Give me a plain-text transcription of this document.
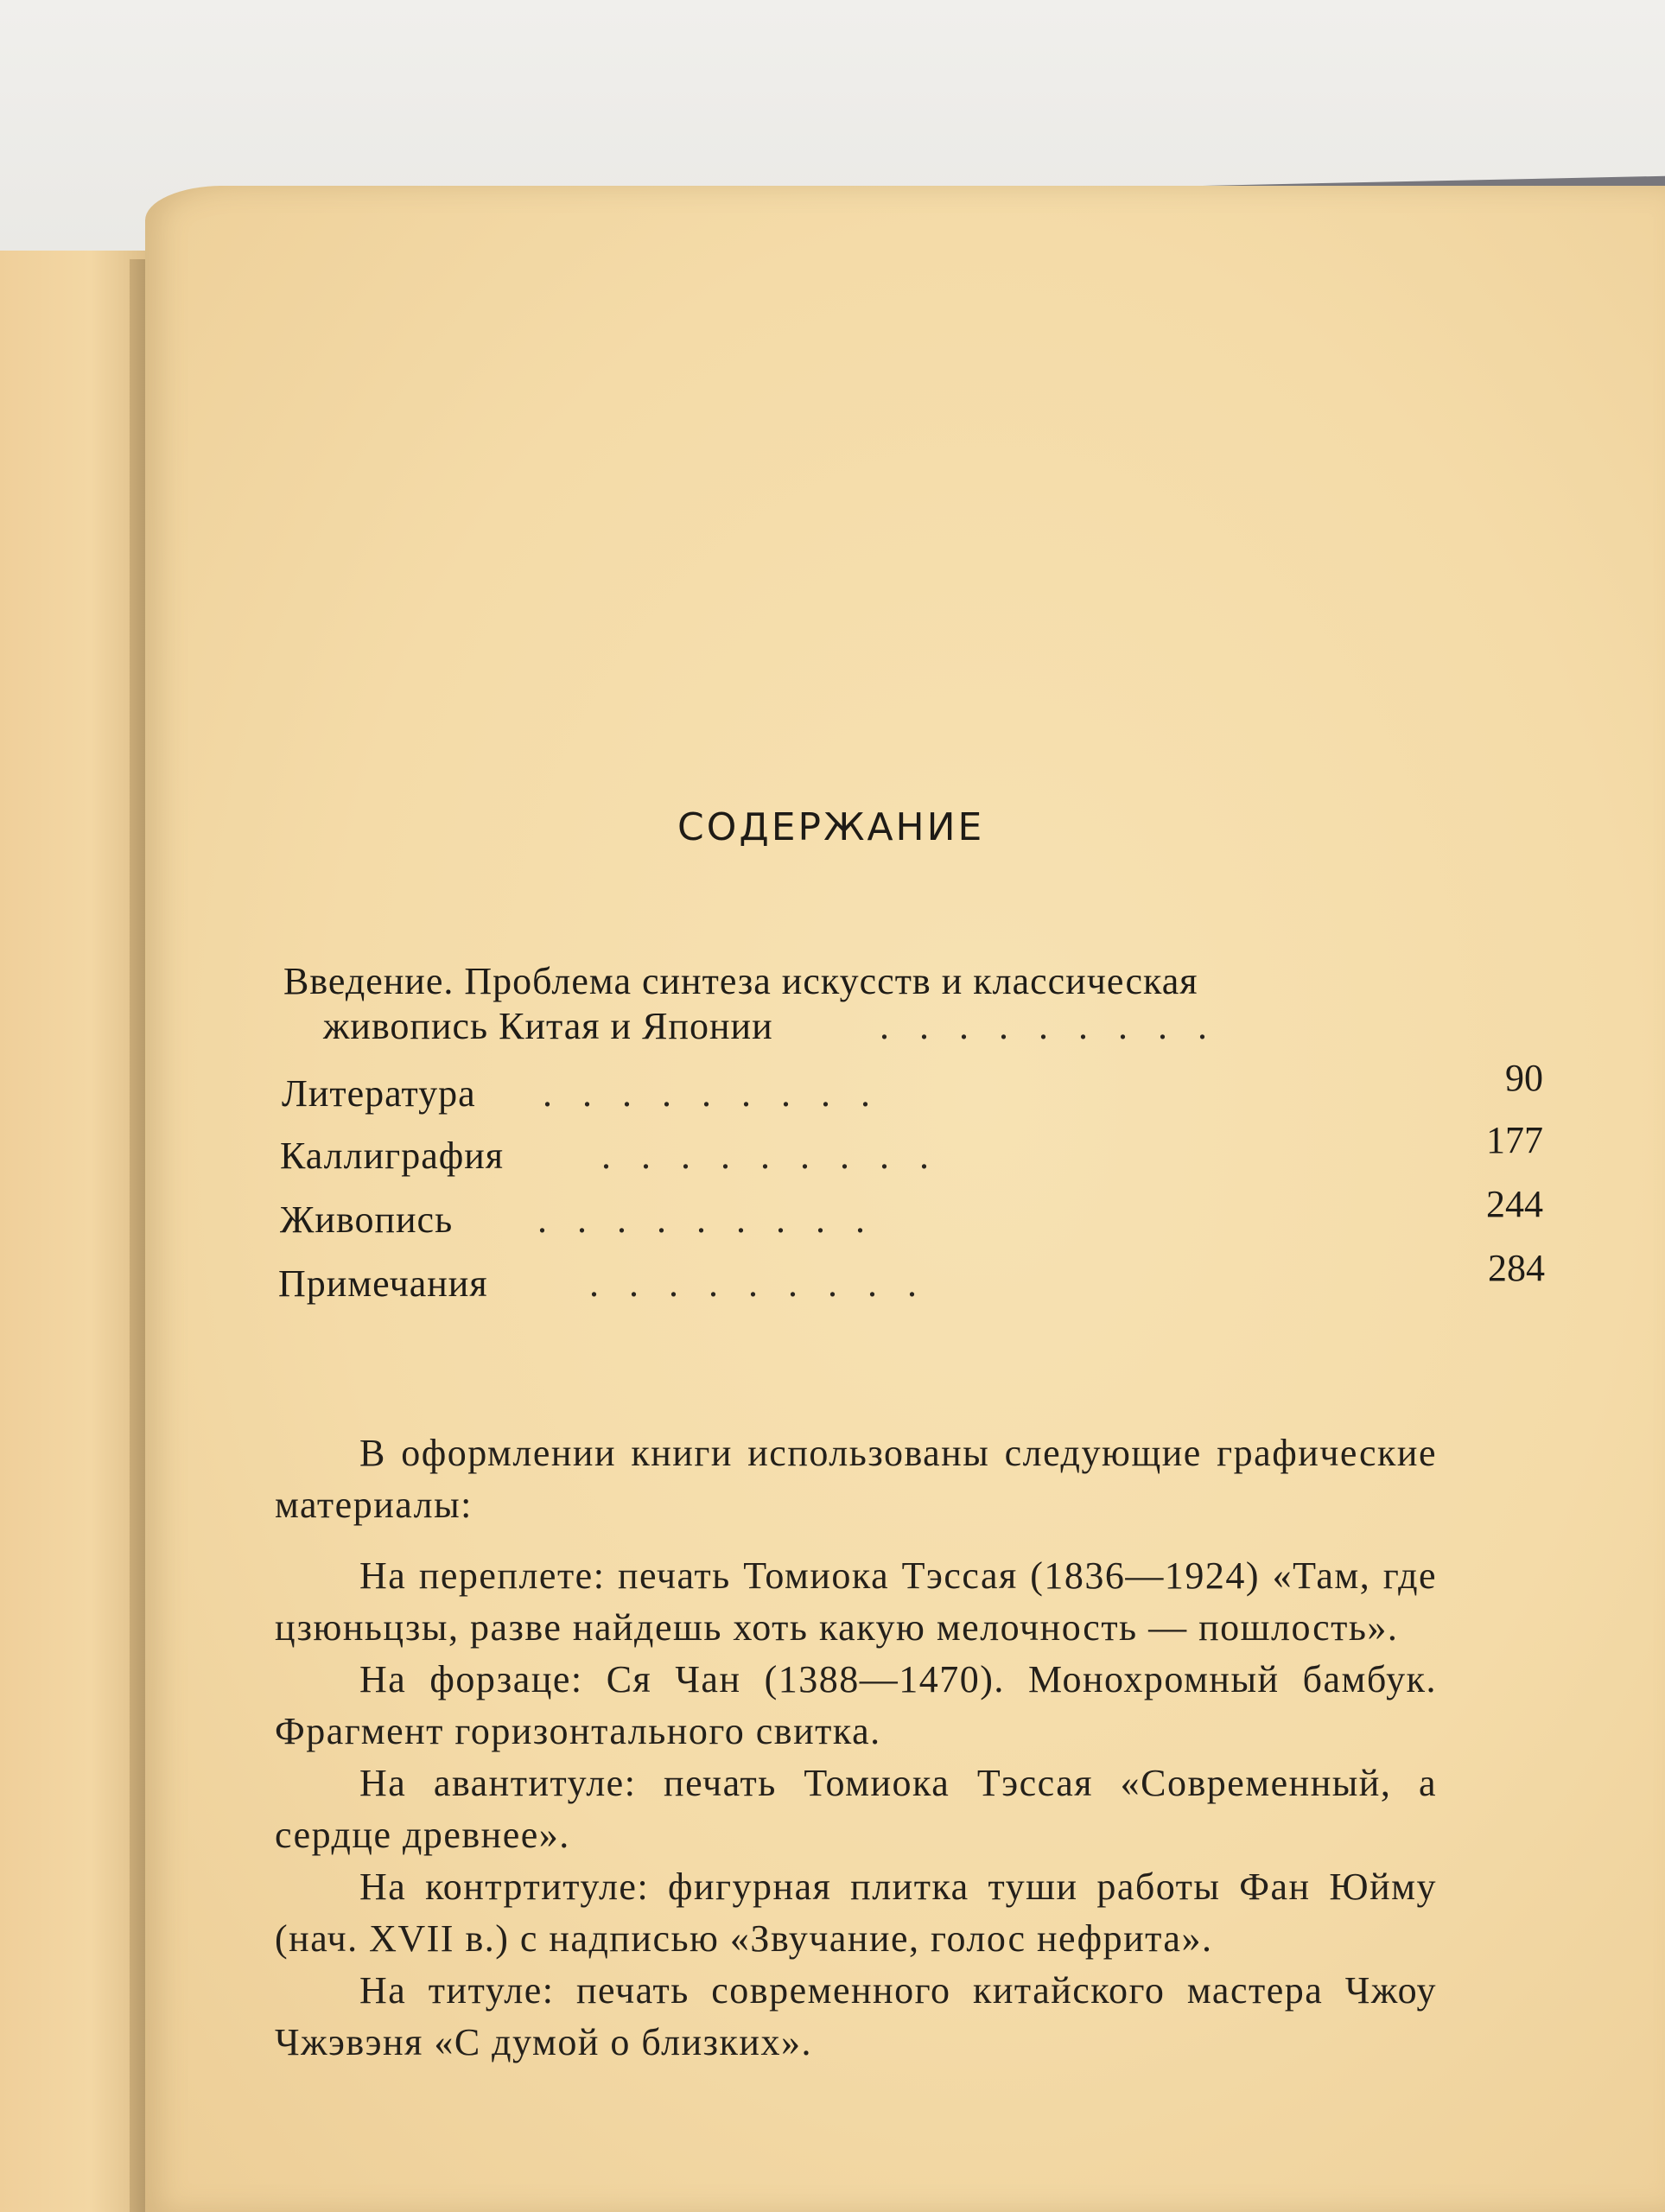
СОДЕРЖАНИЕ
Введение. Проблема синтеза искусств и классическая
живопись Китая и Японии	.........
Литература .........	90
Каллиграфия	.........	177
Живопись .........	244
Примечания	.........	284

В оформлении книги использованы следующие графические материалы:

На переплете: печать Томиока Тэссая (1836—1924) «Там, где цзюньцзы, разве найдешь хоть какую мелочность — пошлость».

На форзаце: Ся Чан (1388—1470). Монохромный бамбук. Фрагмент горизонтального свитка.

На авантитуле: печать Томиока Тэссая «Современный, а сердце древнее».

На контртитуле: фигурная плитка туши работы Фан Юйму (нач. XVII в.) с надписью «Звучание, голос нефрита».

На титуле: печать современного китайского мастера Чжоу Чжэвэня «С думой о близких».
